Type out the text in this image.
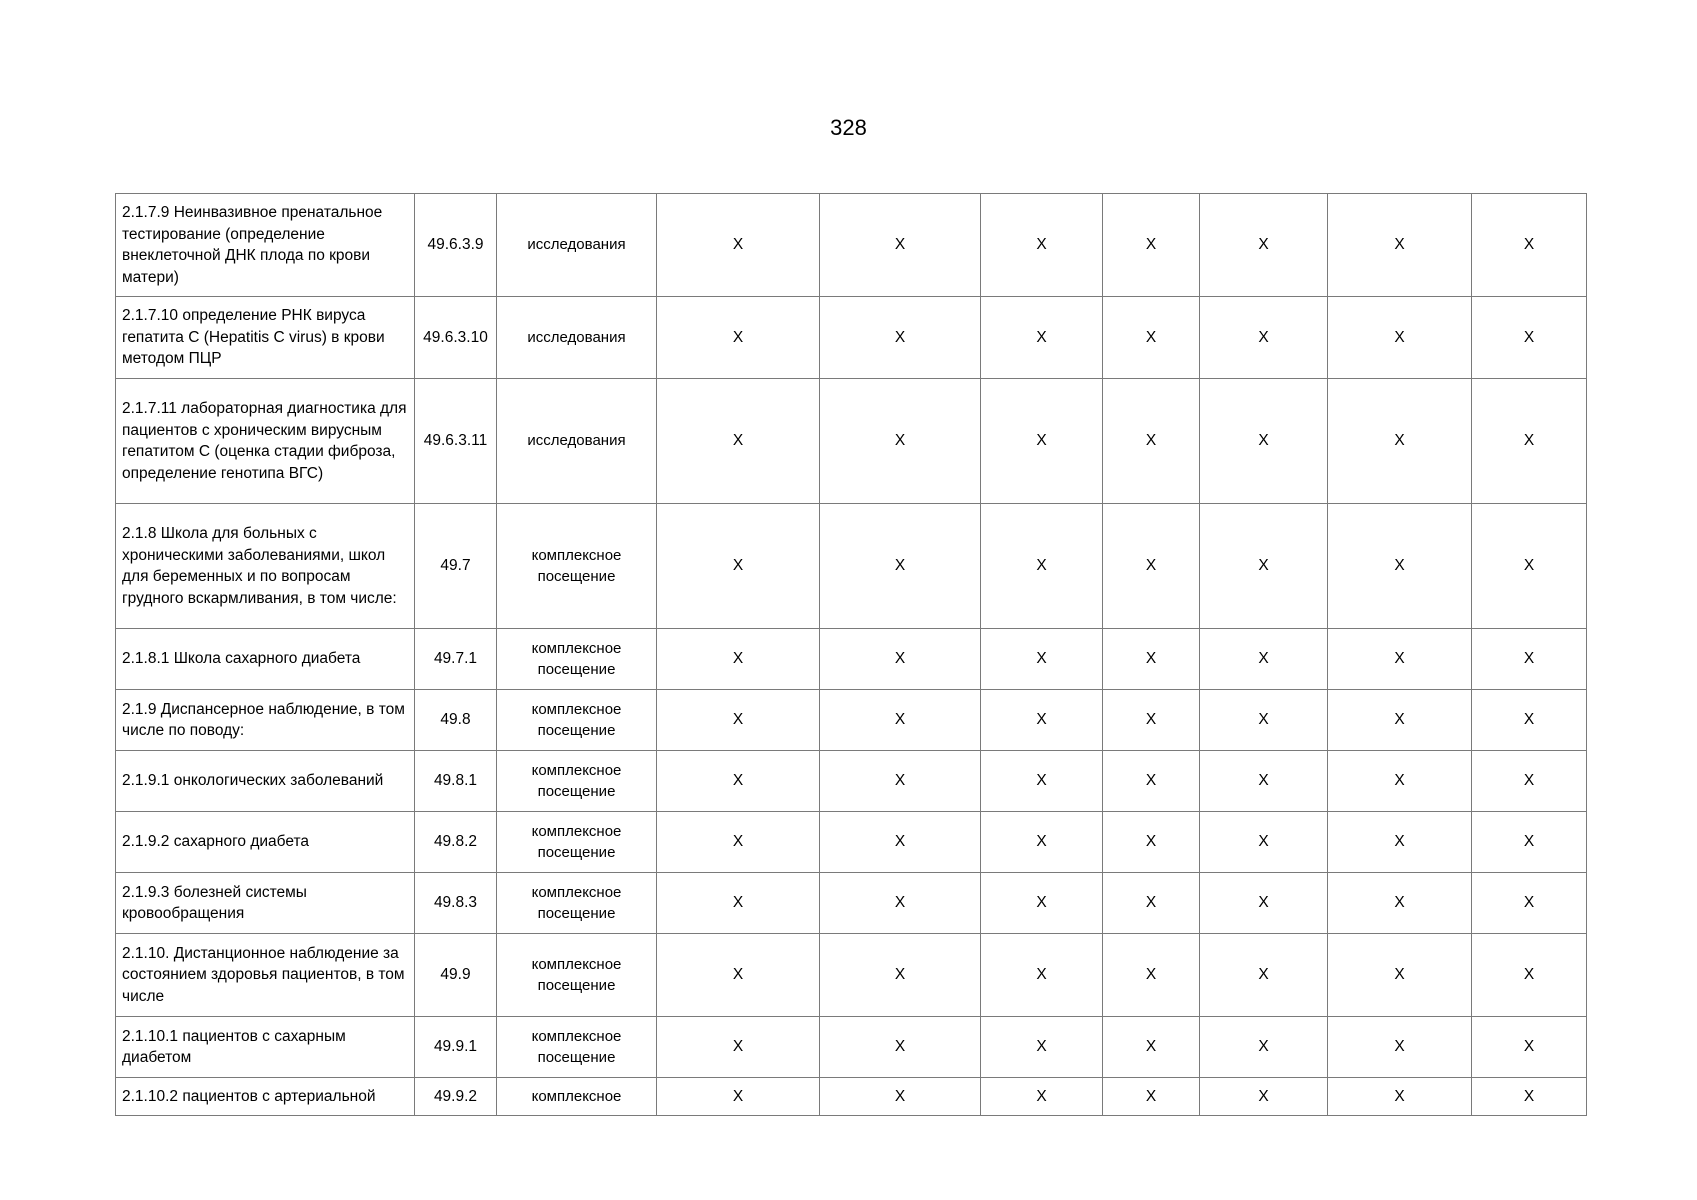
328
2.1.7.9 Неинвазивное пренатальное тестирование (определение внеклеточной ДНК плода по крови матери)	49.6.3.9	исследования	X	X	X	X	X	X	X
2.1.7.10 определение РНК вируса гепатита С (Hepatitis C virus) в крови методом ПЦР	49.6.3.10	исследования	X	X	X	X	X	X	X
2.1.7.11 лабораторная диагностика для пациентов с хроническим вирусным гепатитом С (оценка стадии фиброза, определение генотипа ВГС)	49.6.3.11	исследования	X	X	X	X	X	X	X
2.1.8 Школа для больных с хроническими заболеваниями, школ для беременных и по вопросам грудного вскармливания, в том числе:	49.7	комплексное посещение	X	X	X	X	X	X	X
2.1.8.1 Школа сахарного диабета	49.7.1	комплексное посещение	X	X	X	X	X	X	X
2.1.9 Диспансерное наблюдение, в том числе по поводу:	49.8	комплексное посещение	X	X	X	X	X	X	X
2.1.9.1 онкологических заболеваний	49.8.1	комплексное посещение	X	X	X	X	X	X	X
2.1.9.2 сахарного диабета	49.8.2	комплексное посещение	X	X	X	X	X	X	X
2.1.9.3 болезней системы кровообращения	49.8.3	комплексное посещение	X	X	X	X	X	X	X
2.1.10. Дистанционное наблюдение за состоянием здоровья пациентов, в том числе	49.9	комплексное посещение	X	X	X	X	X	X	X
2.1.10.1 пациентов с сахарным диабетом	49.9.1	комплексное посещение	X	X	X	X	X	X	X
2.1.10.2 пациентов с артериальной	49.9.2	комплексное	X	X	X	X	X	X	X
